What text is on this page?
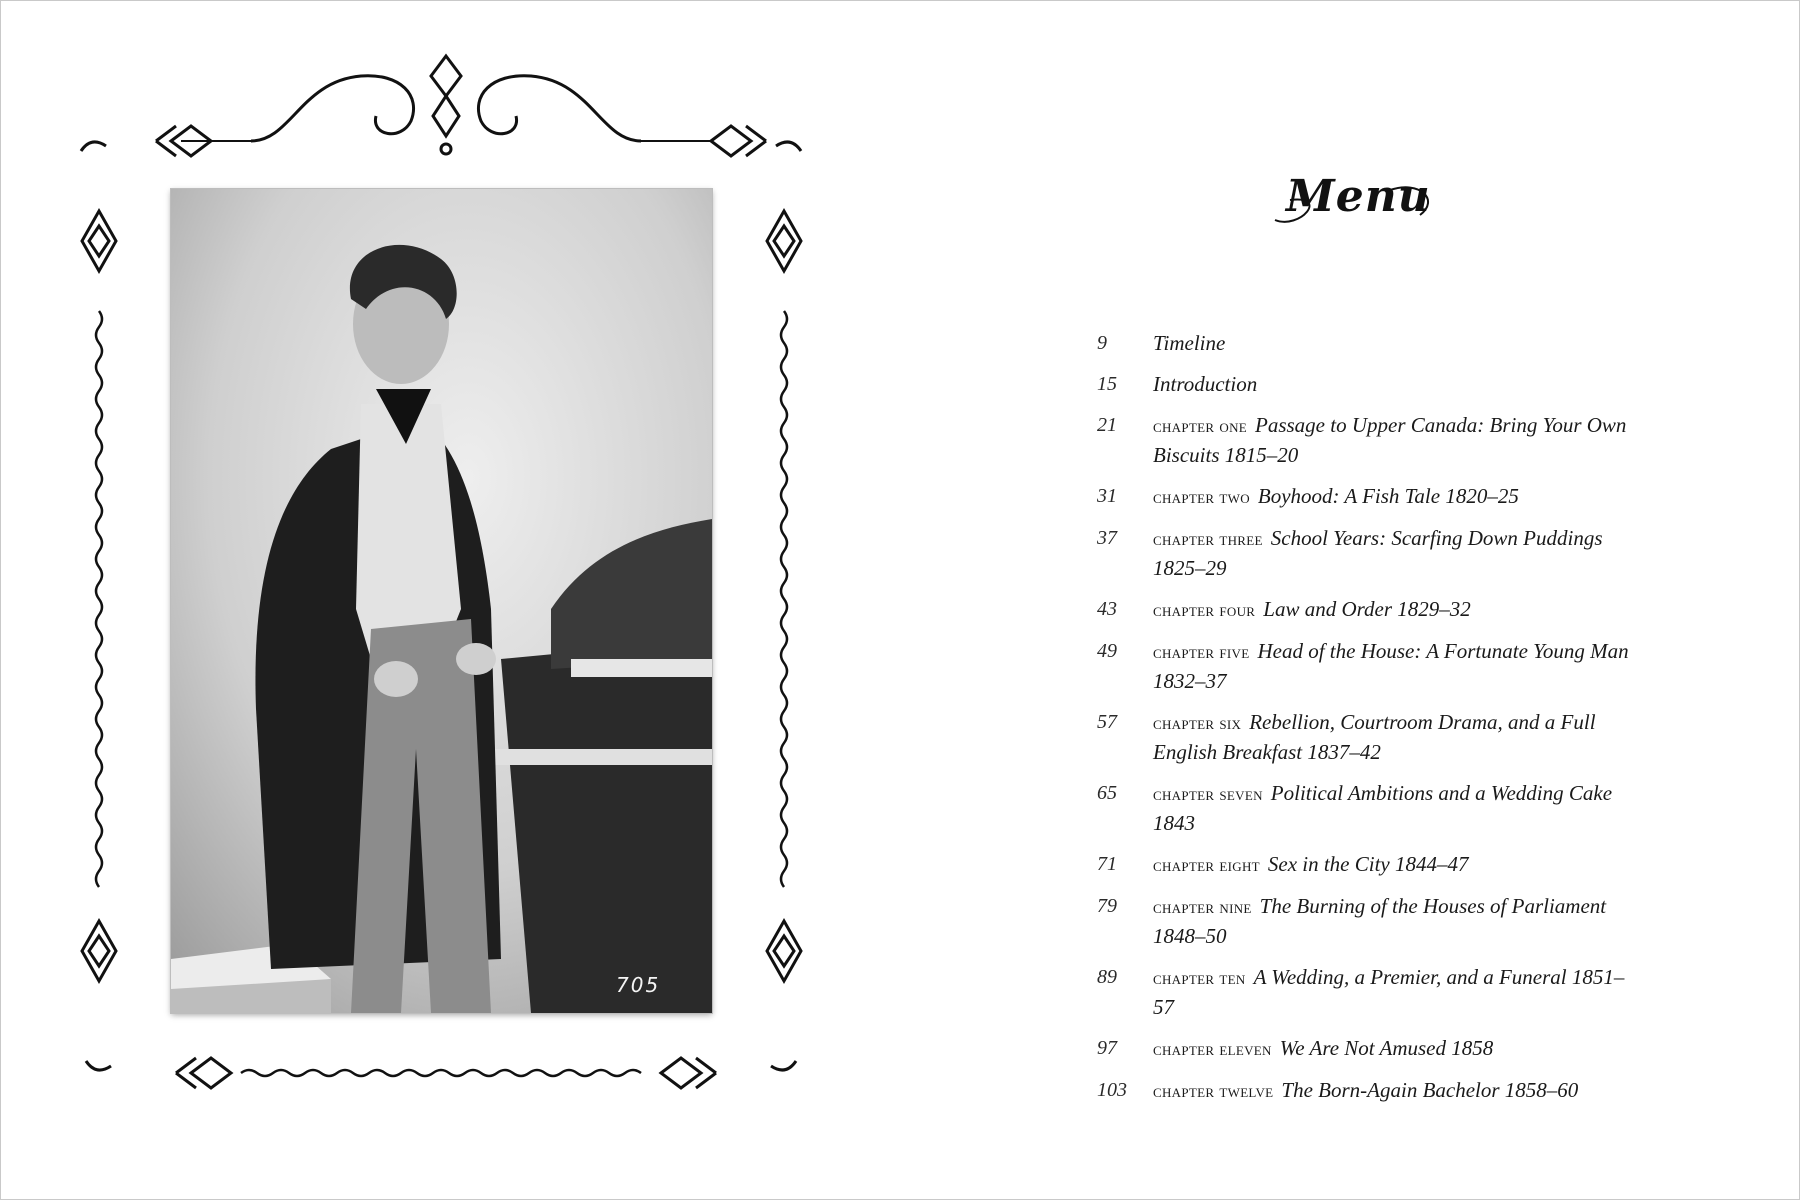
705
Menu
9	Timeline
15	Introduction
21	chapter one Passage to Upper Canada: Bring Your Own Biscuits 1815–20
31	chapter two Boyhood: A Fish Tale 1820–25
37	chapter three School Years: Scarfing Down Puddings 1825–29
43	chapter four Law and Order 1829–32
49	chapter five Head of the House: A Fortunate Young Man 1832–37
57	chapter six Rebellion, Courtroom Drama, and a Full English Breakfast 1837–42
65	chapter seven Political Ambitions and a Wedding Cake 1843
71	chapter eight Sex in the City 1844–47
79	chapter nine The Burning of the Houses of Parliament 1848–50
89	chapter ten A Wedding, a Premier, and a Funeral 1851–57
97	chapter eleven We Are Not Amused 1858
103	chapter twelve The Born-Again Bachelor 1858–60
